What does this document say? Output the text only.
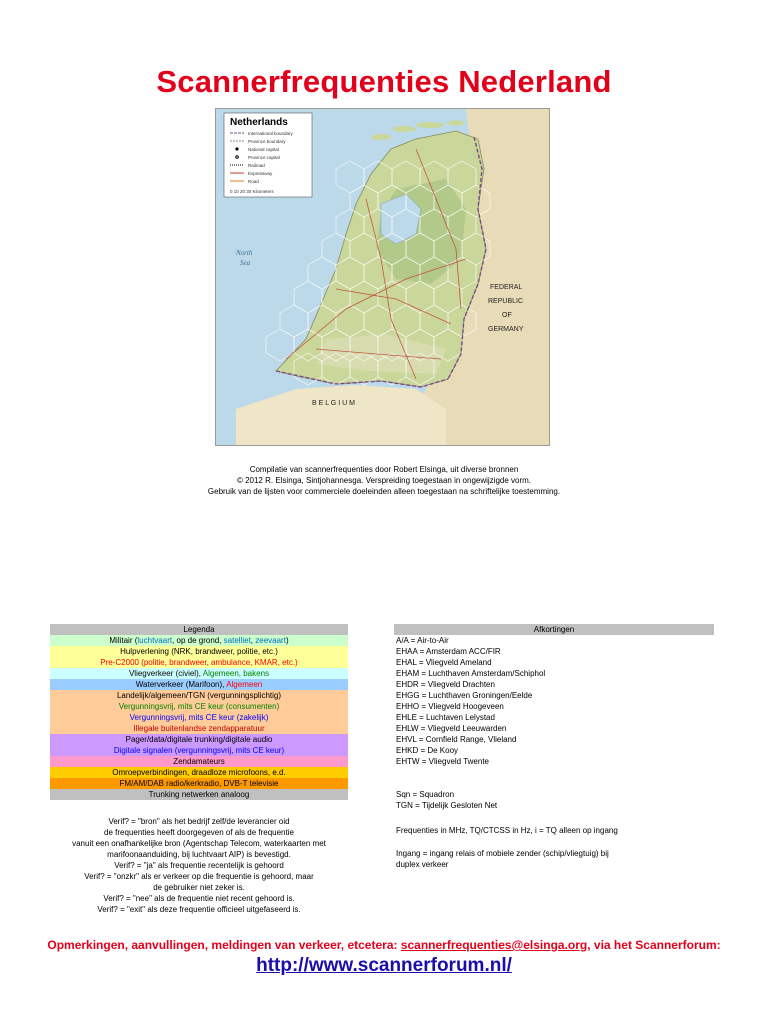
Scannerfrequenties Nederland
Netherlands
International boundary
Province boundary
National capital
Province capital
Railroad
Expressway
Road
0 10 20 30 Kilometers
North
Sea
FEDERAL
REPUBLIC
OF
GERMANY
B E L G I U M
Compilatie van scannerfrequenties door Robert Elsinga, uit diverse bronnen
© 2012 R. Elsinga, Sintjohannesga. Verspreiding toegestaan in ongewijzigde vorm.
Gebruik van de lijsten voor commerciele doeleinden alleen toegestaan na schriftelijke toestemming.
Legenda
Militair (luchtvaart, op de grond, satelliet, zeevaart)
Hulpverlening (NRK, brandweer, politie, etc.)
Pre-C2000 (politie, brandweer, ambulance, KMAR, etc.)
Vliegverkeer (civiel), Algemeen, bakens
Waterverkeer (Marifoon), Algemeen
Landelijk/algemeen/TGN (vergunningsplichtig)
Vergunningsvrij, mits CE keur (consumenten)
Vergunningsvrij, mits CE keur (zakelijk)
Illegale buitenlandse zendapparatuur
Pager/data/digitale trunking/digitale audio
Digitale signalen (vergunningsvrij, mits CE keur)
Zendamateurs
Omroepverbindingen, draadloze microfoons, e.d.
FM/AM/DAB radio/kerkradio, DVB-T televisie
Trunking netwerken analoog
Afkortingen
A/A = Air-to-Air
EHAA = Amsterdam ACC/FIR
EHAL = Vliegveld Ameland
EHAM = Luchthaven Amsterdam/Schiphol
EHDR = Vliegveld Drachten
EHGG = Luchthaven Groningen/Eelde
EHHO = Vliegveld Hoogeveen
EHLE = Luchtaven Lelystad
EHLW = Vliegveld Leeuwarden
EHVL = Cornfield Range, Vlieland
EHKD = De Kooy
EHTW = Vliegveld Twente
Sqn = Squadron
TGN = Tijdelijk Gesloten Net
Frequenties in MHz, TQ/CTCSS in Hz, i = TQ alleen op ingang
Ingang = ingang relais of mobiele zender (schip/vliegtuig) bij
duplex verkeer
Verif? = "bron" als het bedrijf zelf/de leverancier oid
de frequenties heeft doorgegeven of als de frequentie
vanuit een onafhankelijke bron (Agentschap Telecom, waterkaarten met
marifoonaanduiding, bij luchtvaart AIP) is bevestigd.
Verif? = "ja" als frequentie recentelijk is gehoord
Verif? = "onzkr" als er verkeer op die frequentie is gehoord, maar
de gebruiker niet zeker is.
Verif? = "nee" als de frequentie niet recent gehoord is.
Verif? = "exit" als deze frequentie officieel uitgefaseerd is.
Opmerkingen, aanvullingen, meldingen van verkeer, etcetera: scannerfrequenties@elsinga.org, via het Scannerforum:
http://www.scannerforum.nl/
